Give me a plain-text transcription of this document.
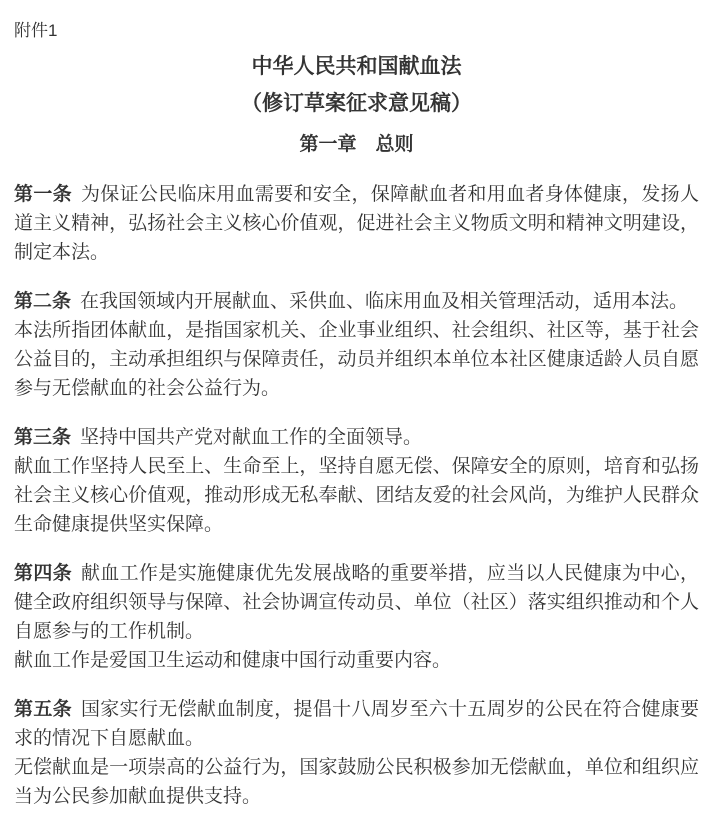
附件1
中华人民共和国献血法
（修订草案征求意见稿）
第一章　总则

第一条 为保证公民临床用血需要和安全，保障献血者和用血者身体健康，发扬人道主义精神，弘扬社会主义核心价值观，促进社会主义物质文明和精神文明建设，制定本法。

第二条 在我国领域内开展献血、采供血、临床用血及相关管理活动，适用本法。

本法所指团体献血，是指国家机关、企业事业组织、社会组织、社区等，基于社会公益目的，主动承担组织与保障责任，动员并组织本单位本社区健康适龄人员自愿参与无偿献血的社会公益行为。

第三条 坚持中国共产党对献血工作的全面领导。

献血工作坚持人民至上、生命至上，坚持自愿无偿、保障安全的原则，培育和弘扬社会主义核心价值观，推动形成无私奉献、团结友爱的社会风尚，为维护人民群众生命健康提供坚实保障。

第四条 献血工作是实施健康优先发展战略的重要举措，应当以人民健康为中心，健全政府组织领导与保障、社会协调宣传动员、单位（社区）落实组织推动和个人自愿参与的工作机制。

献血工作是爱国卫生运动和健康中国行动重要内容。

第五条 国家实行无偿献血制度，提倡十八周岁至六十五周岁的公民在符合健康要求的情况下自愿献血。

无偿献血是一项崇高的公益行为，国家鼓励公民积极参加无偿献血，单位和组织应当为公民参加献血提供支持。
